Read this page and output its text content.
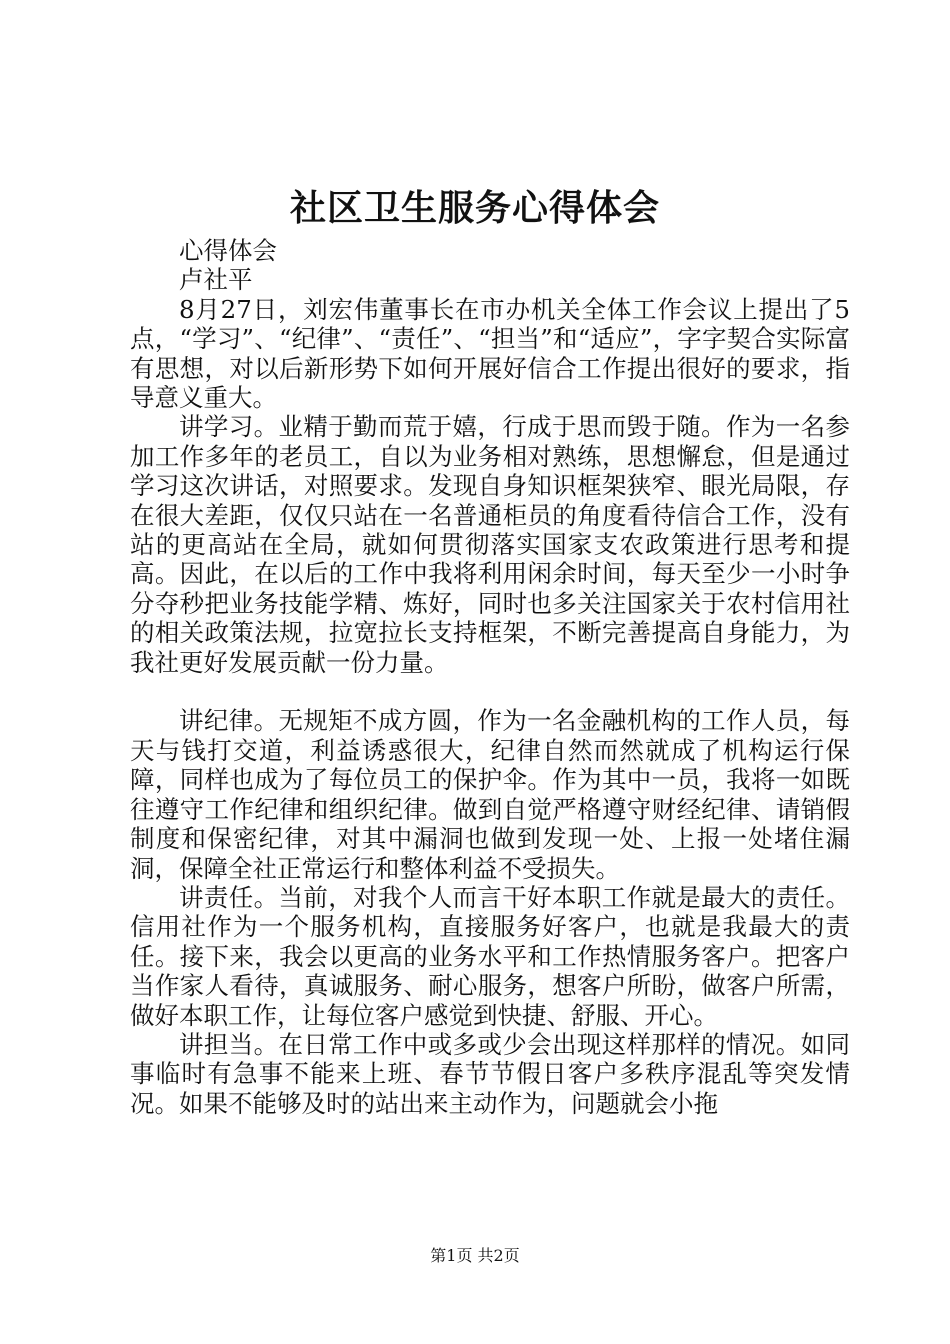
社区卫生服务心得体会

心得体会

卢社平

8月27日，刘宏伟董事长在市办机关全体工作会议上提出了5点，“学习”、“纪律”、“责任”、“担当”和“适应”，字字契合实际富有思想，对以后新形势下如何开展好信合工作提出很好的要求，指导意义重大。

讲学习。业精于勤而荒于嬉，行成于思而毁于随。作为一名参加工作多年的老员工，自以为业务相对熟练，思想懈怠，但是通过学习这次讲话，对照要求。发现自身知识框架狭窄、眼光局限，存在很大差距，仅仅只站在一名普通柜员的角度看待信合工作，没有站的更高站在全局，就如何贯彻落实国家支农政策进行思考和提高。因此，在以后的工作中我将利用闲余时间，每天至少一小时争分夺秒把业务技能学精、炼好，同时也多关注国家关于农村信用社的相关政策法规，拉宽拉长支持框架，不断完善提高自身能力，为我社更好发展贡献一份力量。

讲纪律。无规矩不成方圆，作为一名金融机构的工作人员，每天与钱打交道，利益诱惑很大，纪律自然而然就成了机构运行保障，同样也成为了每位员工的保护伞。作为其中一员，我将一如既往遵守工作纪律和组织纪律。做到自觉严格遵守财经纪律、请销假制度和保密纪律，对其中漏洞也做到发现一处、上报一处堵住漏洞，保障全社正常运行和整体利益不受损失。

讲责任。当前，对我个人而言干好本职工作就是最大的责任。信用社作为一个服务机构，直接服务好客户，也就是我最大的责任。接下来，我会以更高的业务水平和工作热情服务客户。把客户当作家人看待，真诚服务、耐心服务，想客户所盼，做客户所需，做好本职工作，让每位客户感觉到快捷、舒服、开心。

讲担当。在日常工作中或多或少会出现这样那样的情况。如同事临时有急事不能来上班、春节节假日客户多秩序混乱等突发情况。如果不能够及时的站出来主动作为，问题就会小拖

第1页 共2页
